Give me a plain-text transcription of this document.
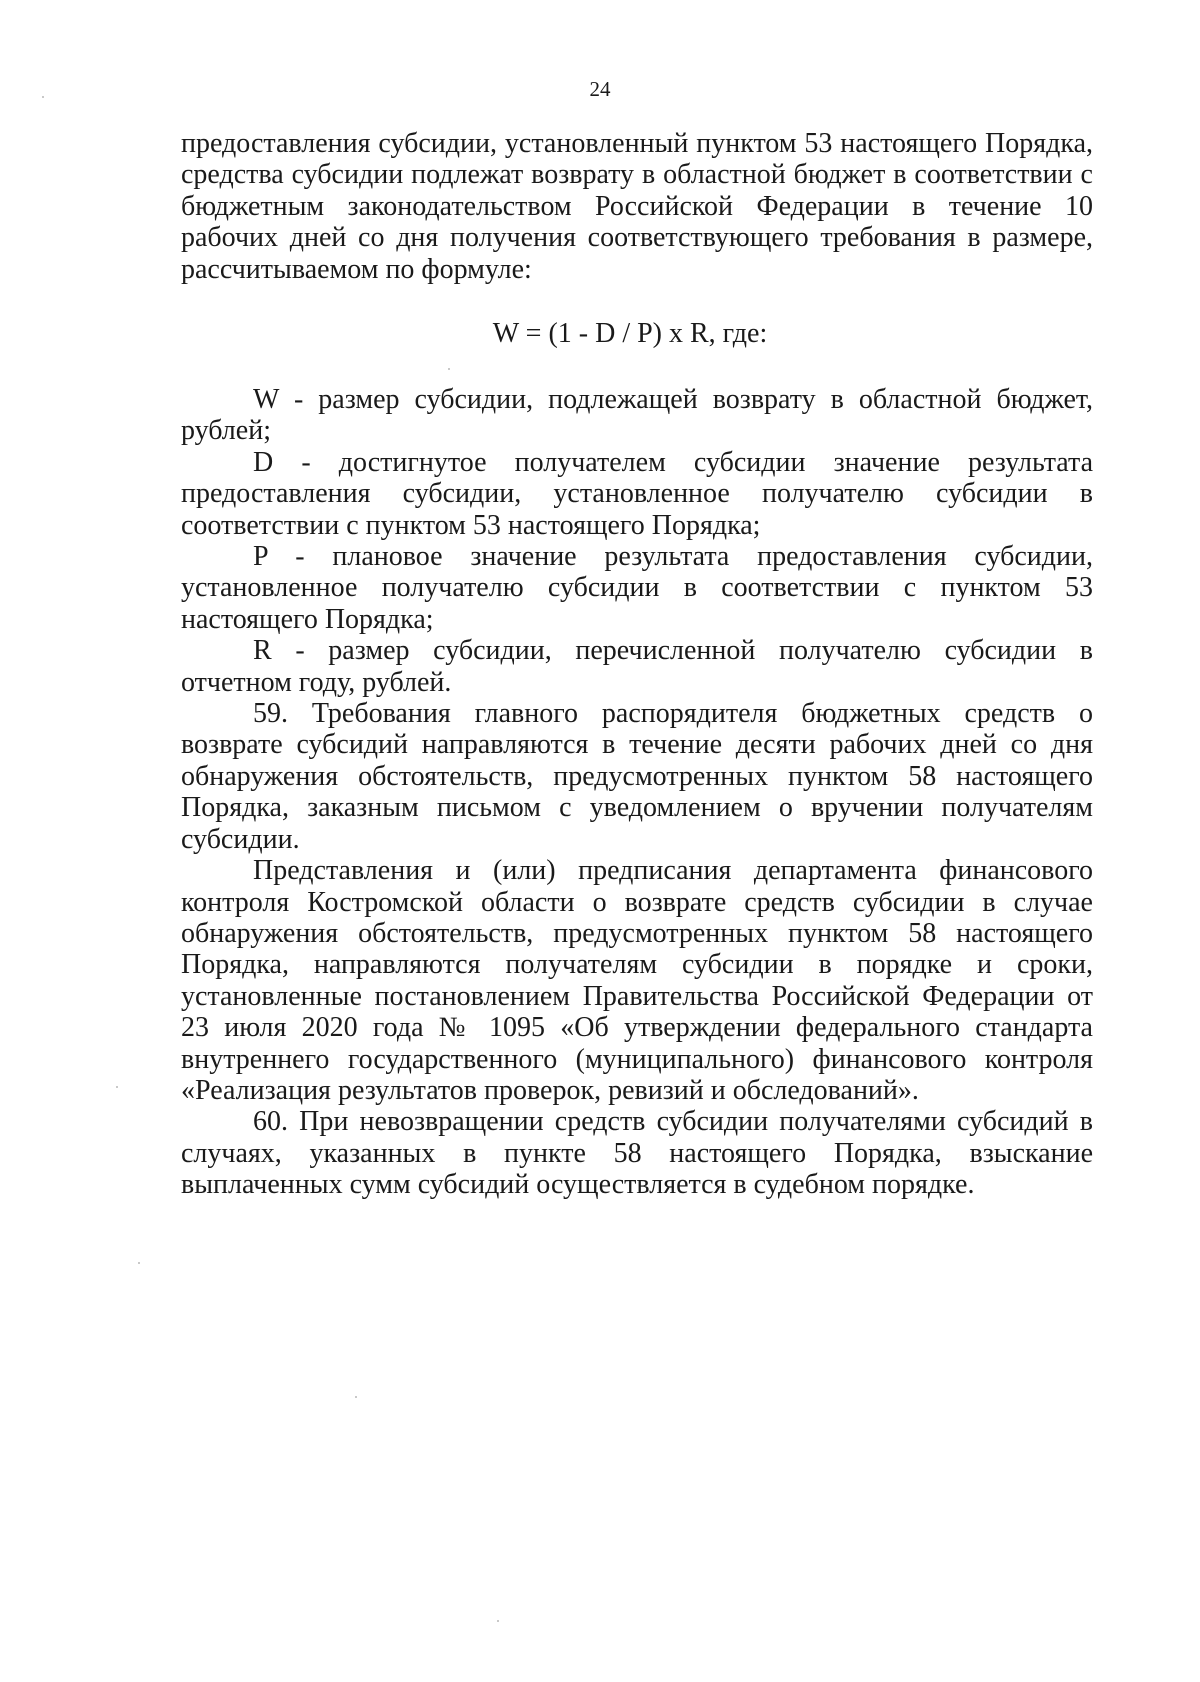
24

предоставления субсидии, установленный пунктом 53 настоящего Порядка, средства субсидии подлежат возврату в областной бюджет в соответствии с бюджетным законодательством Российской Федерации в течение 10 рабочих дней со дня получения соответствующего требования в размере, рассчитываемом по формуле:

W = (1 - D / P) x R, где:

W - размер субсидии, подлежащей возврату в областной бюджет, рублей;

D - достигнутое получателем субсидии значение результата предоставления субсидии, установленное получателю субсидии в соответствии с пунктом 53 настоящего Порядка;

P - плановое значение результата предоставления субсидии, установленное получателю субсидии в соответствии с пунктом 53 настоящего Порядка;

R - размер субсидии, перечисленной получателю субсидии в отчетном году, рублей.

59. Требования главного распорядителя бюджетных средств о возврате субсидий направляются в течение десяти рабочих дней со дня обнаружения обстоятельств, предусмотренных пунктом 58 настоящего Порядка, заказным письмом с уведомлением о вручении получателям субсидии.

Представления и (или) предписания департамента финансового контроля Костромской области о возврате средств субсидии в случае обнаружения обстоятельств, предусмотренных пунктом 58 настоящего Порядка, направляются получателям субсидии в порядке и сроки, установленные постановлением Правительства Российской Федерации от 23 июля 2020 года № 1095 «Об утверждении федерального стандарта внутреннего государственного (муниципального) финансового контроля «Реализация результатов проверок, ревизий и обследований».

60. При невозвращении средств субсидии получателями субсидий в случаях, указанных в пункте 58 настоящего Порядка, взыскание выплаченных сумм субсидий осуществляется в судебном порядке.
